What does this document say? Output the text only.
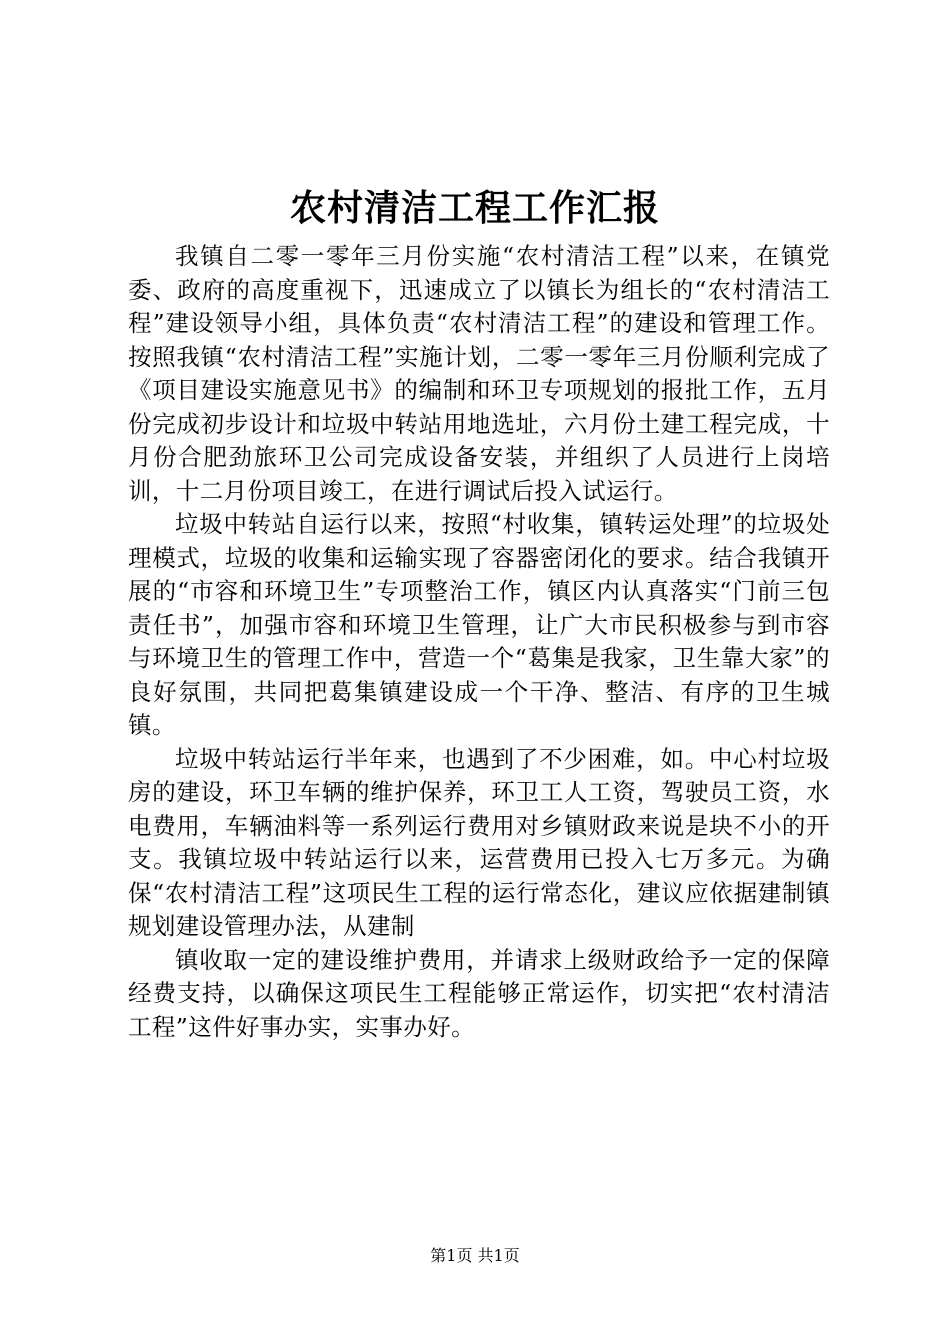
农村清洁工程工作汇报

我镇自二零一零年三月份实施“农村清洁工程”以来，在镇党委、政府的高度重视下，迅速成立了以镇长为组长的“农村清洁工程”建设领导小组，具体负责“农村清洁工程”的建设和管理工作。按照我镇“农村清洁工程”实施计划，二零一零年三月份顺利完成了《项目建设实施意见书》的编制和环卫专项规划的报批工作，五月份完成初步设计和垃圾中转站用地选址，六月份土建工程完成，十月份合肥劲旅环卫公司完成设备安装，并组织了人员进行上岗培训，十二月份项目竣工，在进行调试后投入试运行。

垃圾中转站自运行以来，按照“村收集，镇转运处理”的垃圾处理模式，垃圾的收集和运输实现了容器密闭化的要求。结合我镇开展的“市容和环境卫生”专项整治工作，镇区内认真落实“门前三包责任书”，加强市容和环境卫生管理，让广大市民积极参与到市容与环境卫生的管理工作中，营造一个“葛集是我家，卫生靠大家”的良好氛围，共同把葛集镇建设成一个干净、整洁、有序的卫生城镇。

垃圾中转站运行半年来，也遇到了不少困难，如。中心村垃圾房的建设，环卫车辆的维护保养，环卫工人工资，驾驶员工资，水电费用，车辆油料等一系列运行费用对乡镇财政来说是块不小的开支。我镇垃圾中转站运行以来，运营费用已投入七万多元。为确保“农村清洁工程”这项民生工程的运行常态化，建议应依据建制镇规划建设管理办法，从建制

镇收取一定的建设维护费用，并请求上级财政给予一定的保障经费支持，以确保这项民生工程能够正常运作，切实把“农村清洁工程”这件好事办实，实事办好。

第1页 共1页
